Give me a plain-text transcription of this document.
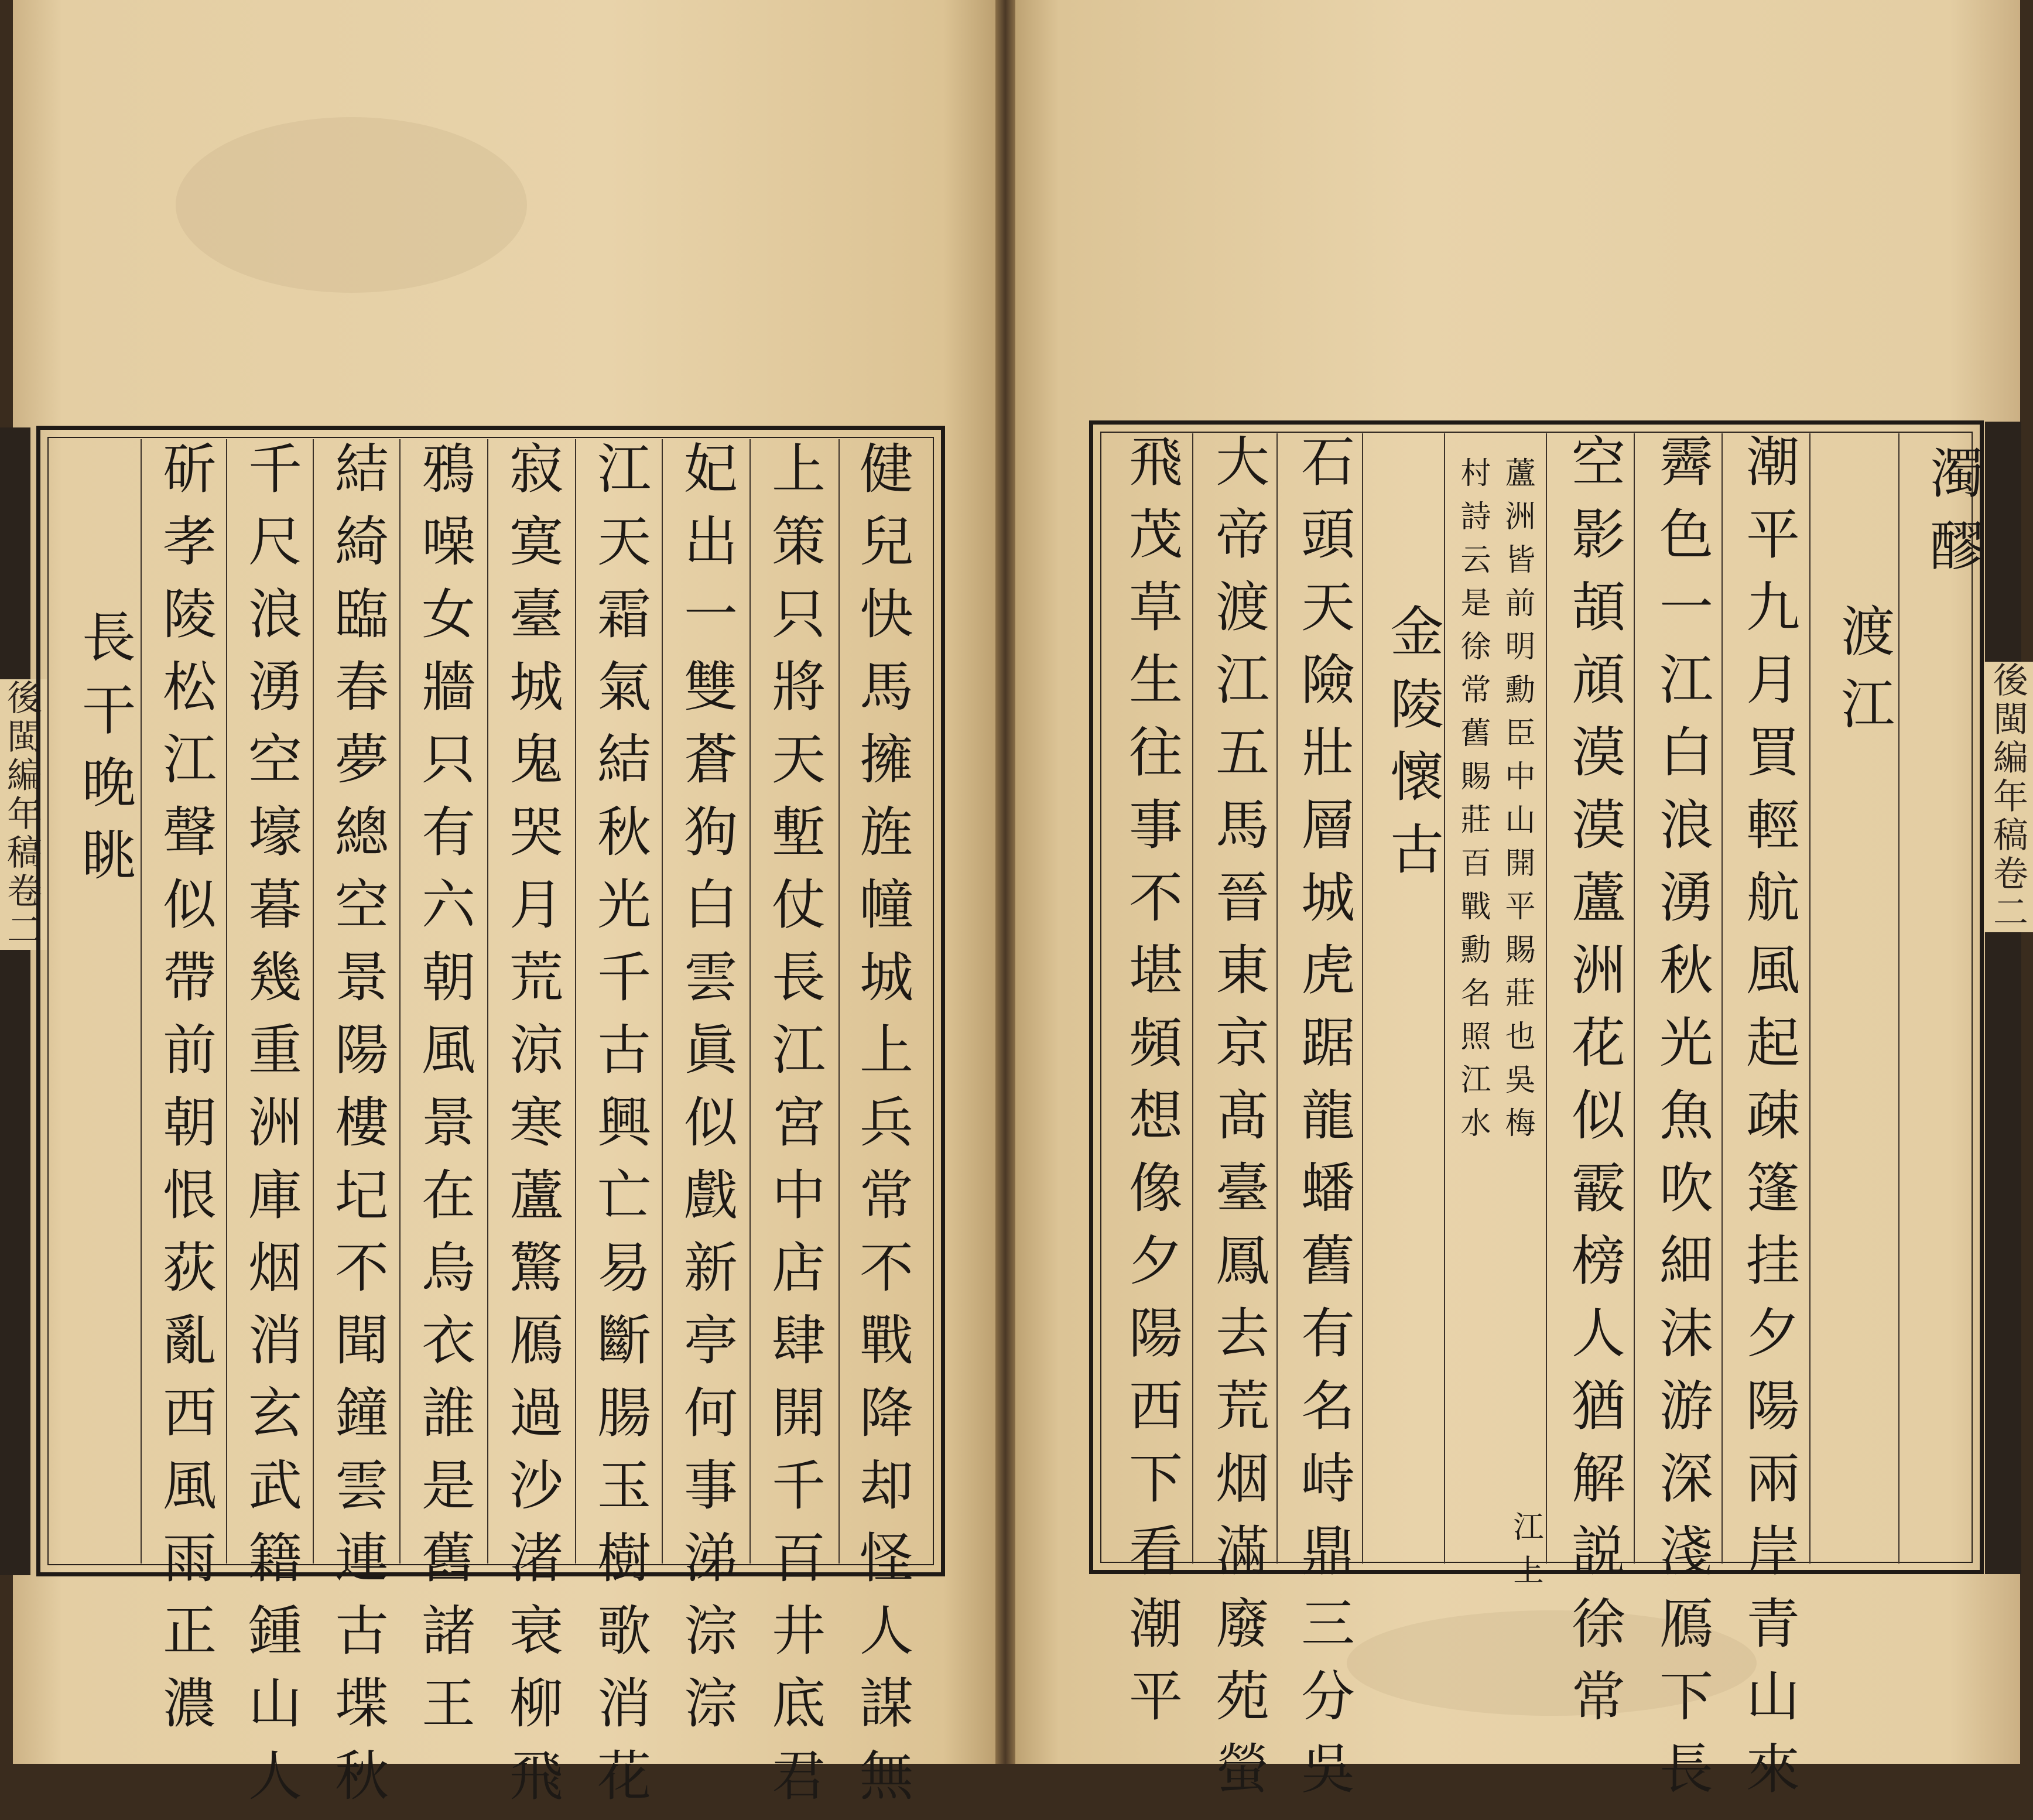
後閩編年稿卷二	後閩編年稿卷二
濁醪
渡江
潮平九月買輕航風起疎篷挂夕陽兩岸青山來
霽色一江白浪湧秋光魚吹細沫游深淺鴈下長
空影頡頏漠漠蘆洲花似霰榜人猶解説徐常
江上
蘆洲皆前明勳臣中山開平賜莊也吳梅
村詩云是徐常舊賜莊百戰勳名照江水
金陵懷古
石頭天險壯層城虎踞龍蟠舊有名峙鼎三分吳
大帝渡江五馬晉東京髙臺鳳去荒烟滿廢苑螢
飛茂草生往事不堪頻想像夕陽西下看潮平
健兒快馬擁旌幢城上兵常不戰降却怪人謀無
上策只將天塹仗長江宮中店肆開千百井底君
妃出一雙蒼狗白雲眞似戲新亭何事涕淙淙
江天霜氣結秋光千古興亡易斷腸玉樹歌消花
寂寞臺城鬼哭月荒涼寒蘆驚鴈過沙渚衰柳飛
鴉噪女牆只有六朝風景在烏衣誰是舊諸王
結綺臨春夢總空景陽樓圮不聞鐘雲連古堞秋
千尺浪湧空壕暮幾重洲庫烟消玄武籍鍾山人
斫孝陵松江聲似帶前朝恨荻亂西風雨正濃
長干晚眺
